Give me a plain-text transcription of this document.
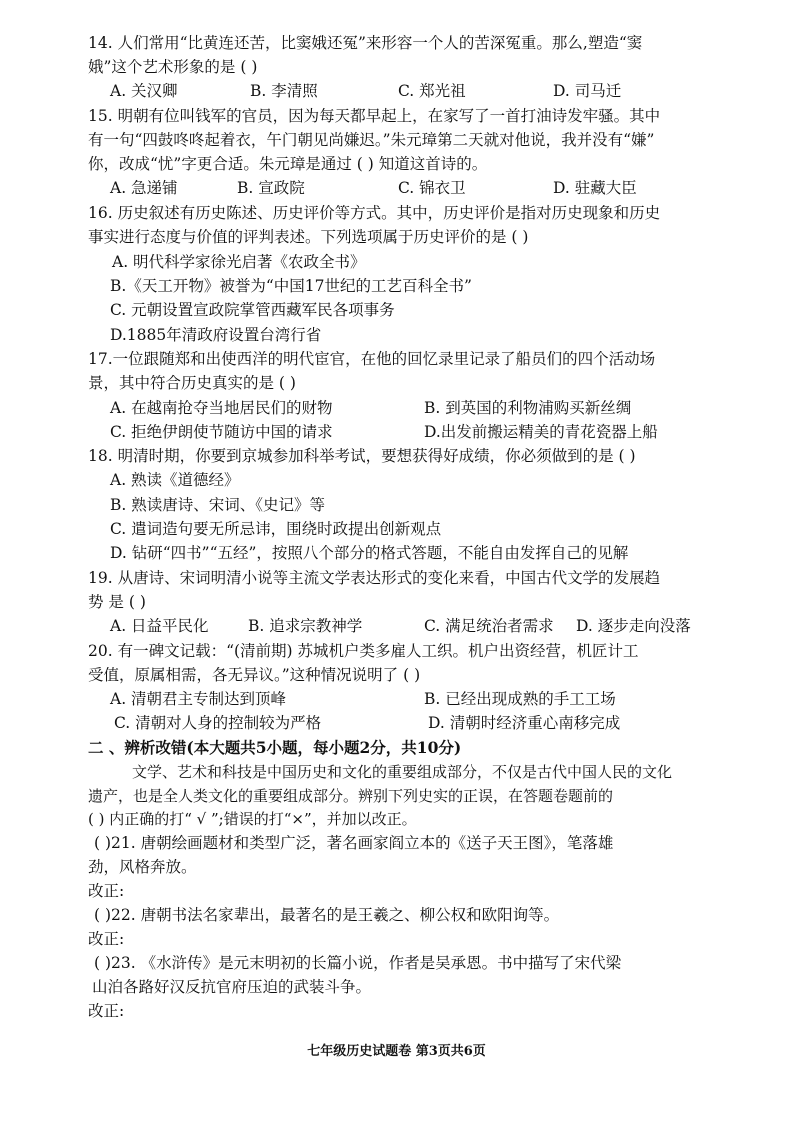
14. 人们常用“比黄连还苦，比窦娥还冤”来形容一个人的苦深冤重。那么,塑造“窦
娥”这个艺术形象的是 ( )
A. 关汉卿	B. 李清照	C. 郑光祖	D. 司马迁
15. 明朝有位叫钱军的官员，因为每天都早起上，在家写了一首打油诗发牢骚。其中
有一句“四鼓咚咚起着衣，午门朝见尚嫌迟。”朱元璋第二天就对他说，我并没有“嫌”
你，改成“忧”字更合适。朱元璋是通过 ( ) 知道这首诗的。
A. 急递铺	B. 宣政院	C. 锦衣卫	D. 驻藏大臣
16. 历史叙述有历史陈述、历史评价等方式。其中，历史评价是指对历史现象和历史
事实进行态度与价值的评判表述。下列选项属于历史评价的是 ( )
A. 明代科学家徐光启著《农政全书》
B.《天工开物》被誉为“中国17世纪的工艺百科全书”
C. 元朝设置宣政院掌管西藏军民各项事务
D.1885年清政府设置台湾行省
17.一位跟随郑和出使西洋的明代宦官，在他的回忆录里记录了船员们的四个活动场
景，其中符合历史真实的是 ( )
A. 在越南抢夺当地居民们的财物	B. 到英国的利物浦购买新丝绸
C. 拒绝伊朗使节随访中国的请求	D.出发前搬运精美的青花瓷器上船
18. 明清时期，你要到京城参加科举考试，要想获得好成绩，你必须做到的是 ( )
A. 熟读《道德经》
B. 熟读唐诗、宋词、《史记》等
C. 遣词造句要无所忌讳，围绕时政提出创新观点
D. 钻研“四书”“五经”，按照八个部分的格式答题，不能自由发挥自己的见解
19. 从唐诗、宋词明清小说等主流文学表达形式的变化来看，中国古代文学的发展趋
势 是 ( )
A. 日益平民化	B. 追求宗教神学	C. 满足统治者需求 D. 逐步走向没落
20. 有一碑文记载：“(清前期) 苏城机户类多雇人工织。机户出资经营，机匠计工
受值，原属相需，各无异议。”这种情况说明了 ( )
A. 清朝君主专制达到顶峰	B. 已经出现成熟的手工工场
C. 清朝对人身的控制较为严格	D. 清朝时经济重心南移完成
二 、辨析改错(本大题共5小题，每小题2分，共10分)
文学、艺术和科技是中国历史和文化的重要组成部分，不仅是古代中国人民的文化
遗产，也是全人类文化的重要组成部分。辨别下列史实的正误，在答题卷题前的
( ) 内正确的打“ √ ”;错误的打“×”，并加以改正。
( )21. 唐朝绘画题材和类型广泛，著名画家阎立本的《送子天王图》，笔落雄
劲，风格奔放。
改正:
( )22. 唐朝书法名家辈出，最著名的是王羲之、柳公权和欧阳询等。
改正:
( )23. 《水浒传》是元末明初的长篇小说，作者是吴承恩。书中描写了宋代梁
山泊各路好汉反抗官府压迫的武装斗争。
改正:
七年级历史试题卷 第3页共6页
